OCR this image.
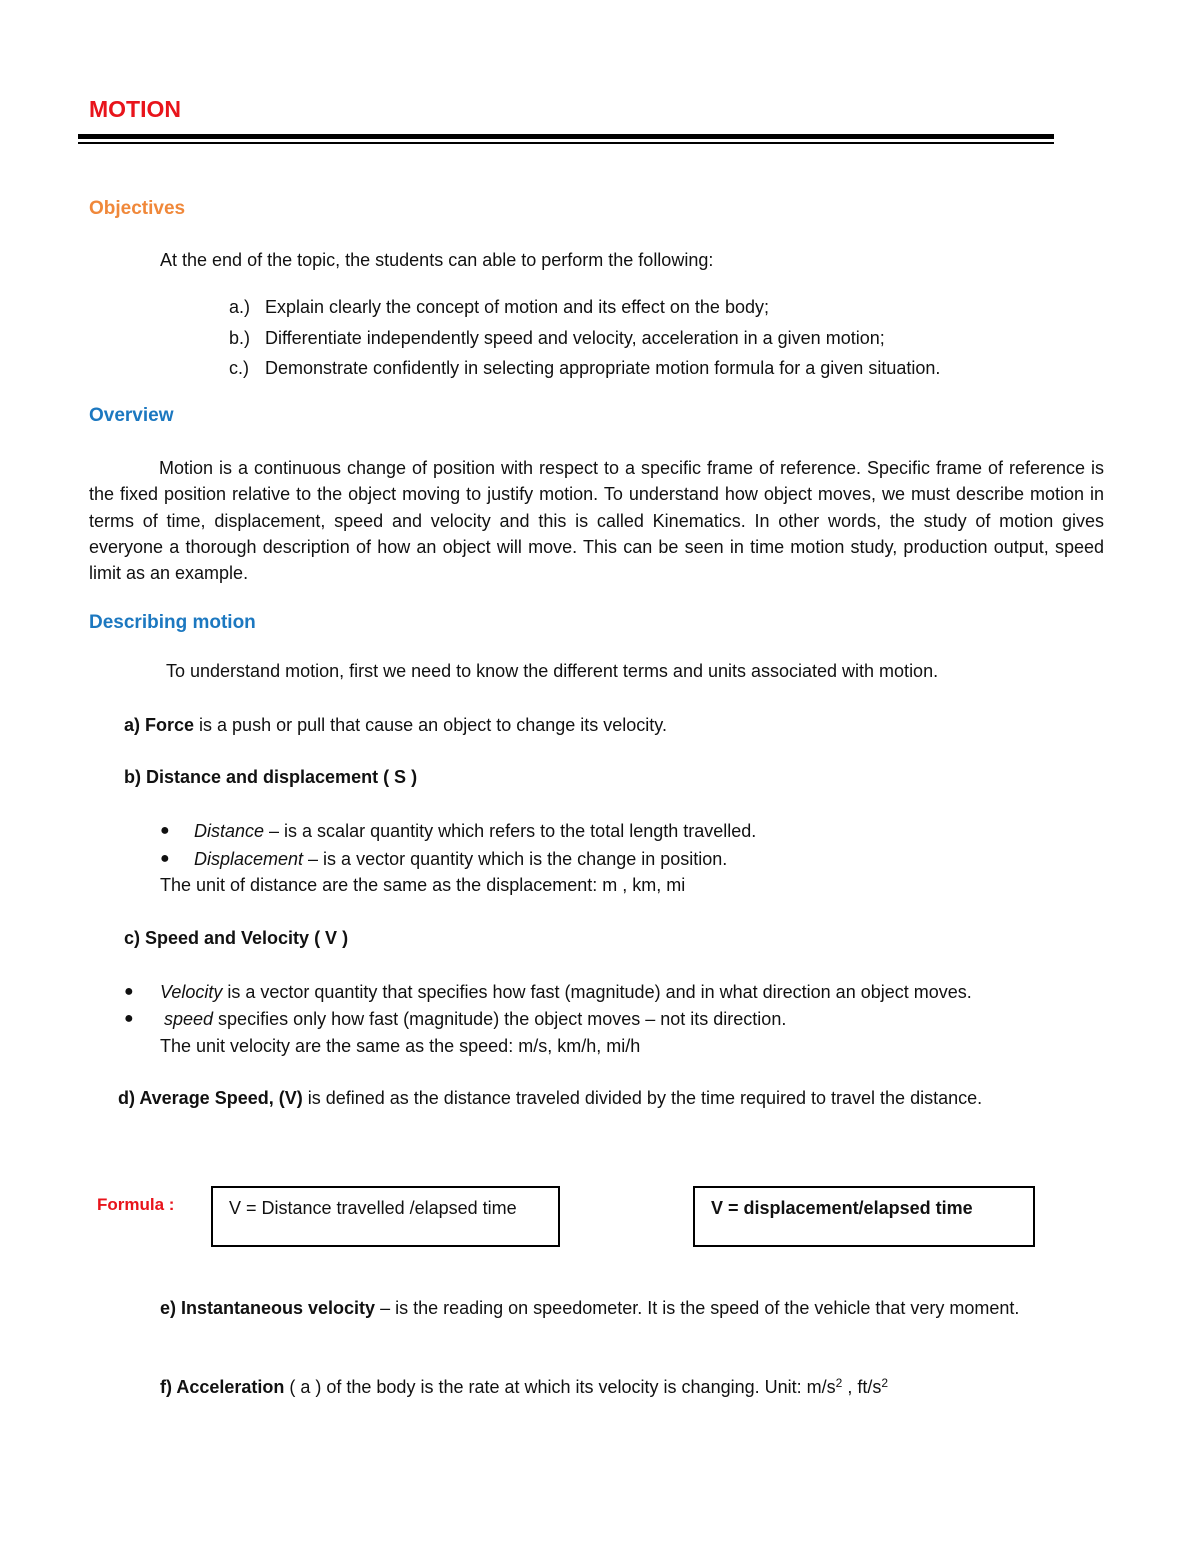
MOTION
Objectives
At the end of the topic, the students can able to perform the following:
a.) Explain clearly the concept of motion and its effect on the body;
b.) Differentiate independently speed and velocity, acceleration in a given motion;
c.) Demonstrate confidently in selecting appropriate motion formula for a given situation.
Overview
Motion is a continuous change of position with respect to a specific frame of reference. Specific frame of reference is the fixed position relative to the object moving to justify motion. To understand how object moves, we must describe motion in terms of time, displacement, speed and velocity and this is called Kinematics. In other words, the study of motion gives everyone a thorough description of how an object will move. This can be seen in time motion study, production output, speed limit as an example.
Describing motion
To understand motion, first we need to know the different terms and units associated with motion.
a) Force is a push or pull that cause an object to change its velocity.
b) Distance and displacement ( S )
● Distance – is a scalar quantity which refers to the total length travelled.
● Displacement – is a vector quantity which is the change in position.
The unit of distance are the same as the displacement: m , km, mi
c) Speed and Velocity ( V )
● Velocity is a vector quantity that specifies how fast (magnitude) and in what direction an object moves.
● speed specifies only how fast (magnitude) the object moves – not its direction.
The unit velocity are the same as the speed: m/s, km/h, mi/h
d) Average Speed, (V) is defined as the distance traveled divided by the time required to travel the distance.
Formula :	V = Distance travelled /elapsed time	V = displacement/elapsed time
e) Instantaneous velocity – is the reading on speedometer. It is the speed of the vehicle that very moment.
f) Acceleration ( a ) of the body is the rate at which its velocity is changing. Unit: $m/s^2$ , $ft/s^2$
